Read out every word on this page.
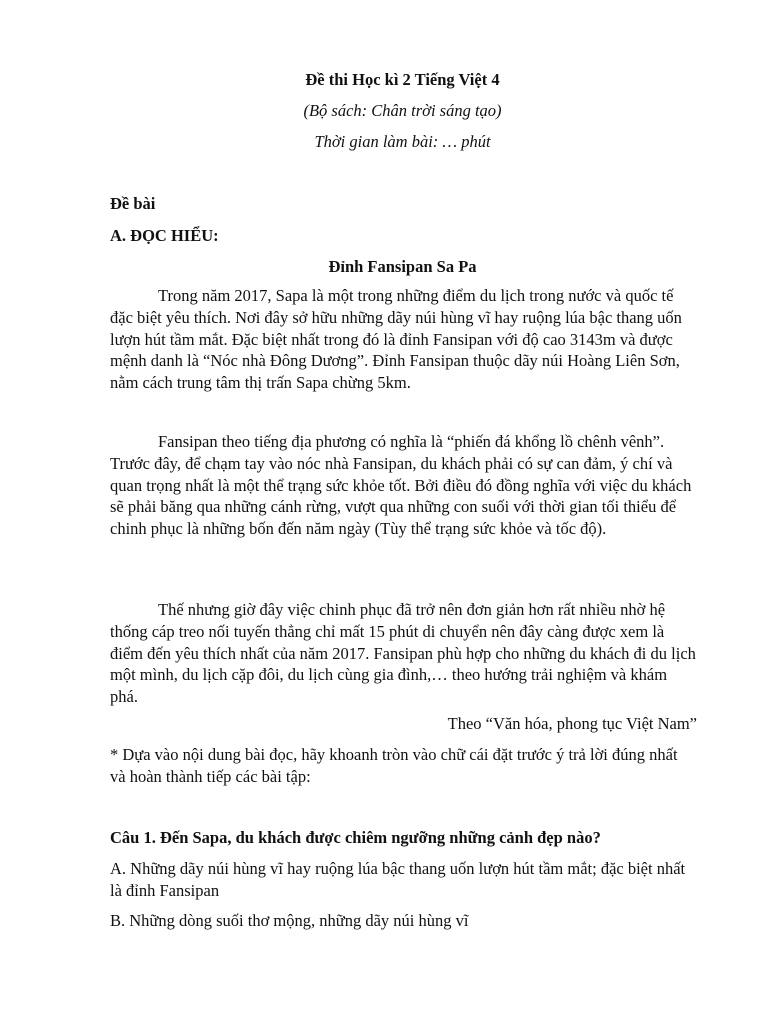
Đề thi Học kì 2 Tiếng Việt 4
(Bộ sách: Chân trời sáng tạo)
Thời gian làm bài: … phút
Đề bài
A. ĐỌC HIỂU:
Đỉnh Fansipan Sa Pa

Trong năm 2017, Sapa là một trong những điểm du lịch trong nước và quốc tế đặc biệt yêu thích. Nơi đây sở hữu những dãy núi hùng vĩ hay ruộng lúa bậc thang uốn lượn hút tầm mắt. Đặc biệt nhất trong đó là đỉnh Fansipan với độ cao 3143m và được mệnh danh là “Nóc nhà Đông Dương”. Đỉnh Fansipan thuộc dãy núi Hoàng Liên Sơn, nằm cách trung tâm thị trấn Sapa chừng 5km.

Fansipan theo tiếng địa phương có nghĩa là “phiến đá khổng lồ chênh vênh”. Trước đây, để chạm tay vào nóc nhà Fansipan, du khách phải có sự can đảm, ý chí và quan trọng nhất là một thể trạng sức khỏe tốt. Bởi điều đó đồng nghĩa với việc du khách sẽ phải băng qua những cánh rừng, vượt qua những con suối với thời gian tối thiểu để chinh phục là những bốn đến năm ngày (Tùy thể trạng sức khỏe và tốc độ).

Thế nhưng giờ đây việc chinh phục đã trở nên đơn giản hơn rất nhiều nhờ hệ thống cáp treo nối tuyến thẳng chỉ mất 15 phút di chuyển nên đây càng được xem là điểm đến yêu thích nhất của năm 2017. Fansipan phù hợp cho những du khách đi du lịch một mình, du lịch cặp đôi, du lịch cùng gia đình,… theo hướng trải nghiệm và khám phá.

Theo “Văn hóa, phong tục Việt Nam”

* Dựa vào nội dung bài đọc, hãy khoanh tròn vào chữ cái đặt trước ý trả lời đúng nhất và hoàn thành tiếp các bài tập:

Câu 1. Đến Sapa, du khách được chiêm ngưỡng những cảnh đẹp nào?

A. Những dãy núi hùng vĩ hay ruộng lúa bậc thang uốn lượn hút tầm mắt; đặc biệt nhất là đỉnh Fansipan

B. Những dòng suối thơ mộng, những dãy núi hùng vĩ
